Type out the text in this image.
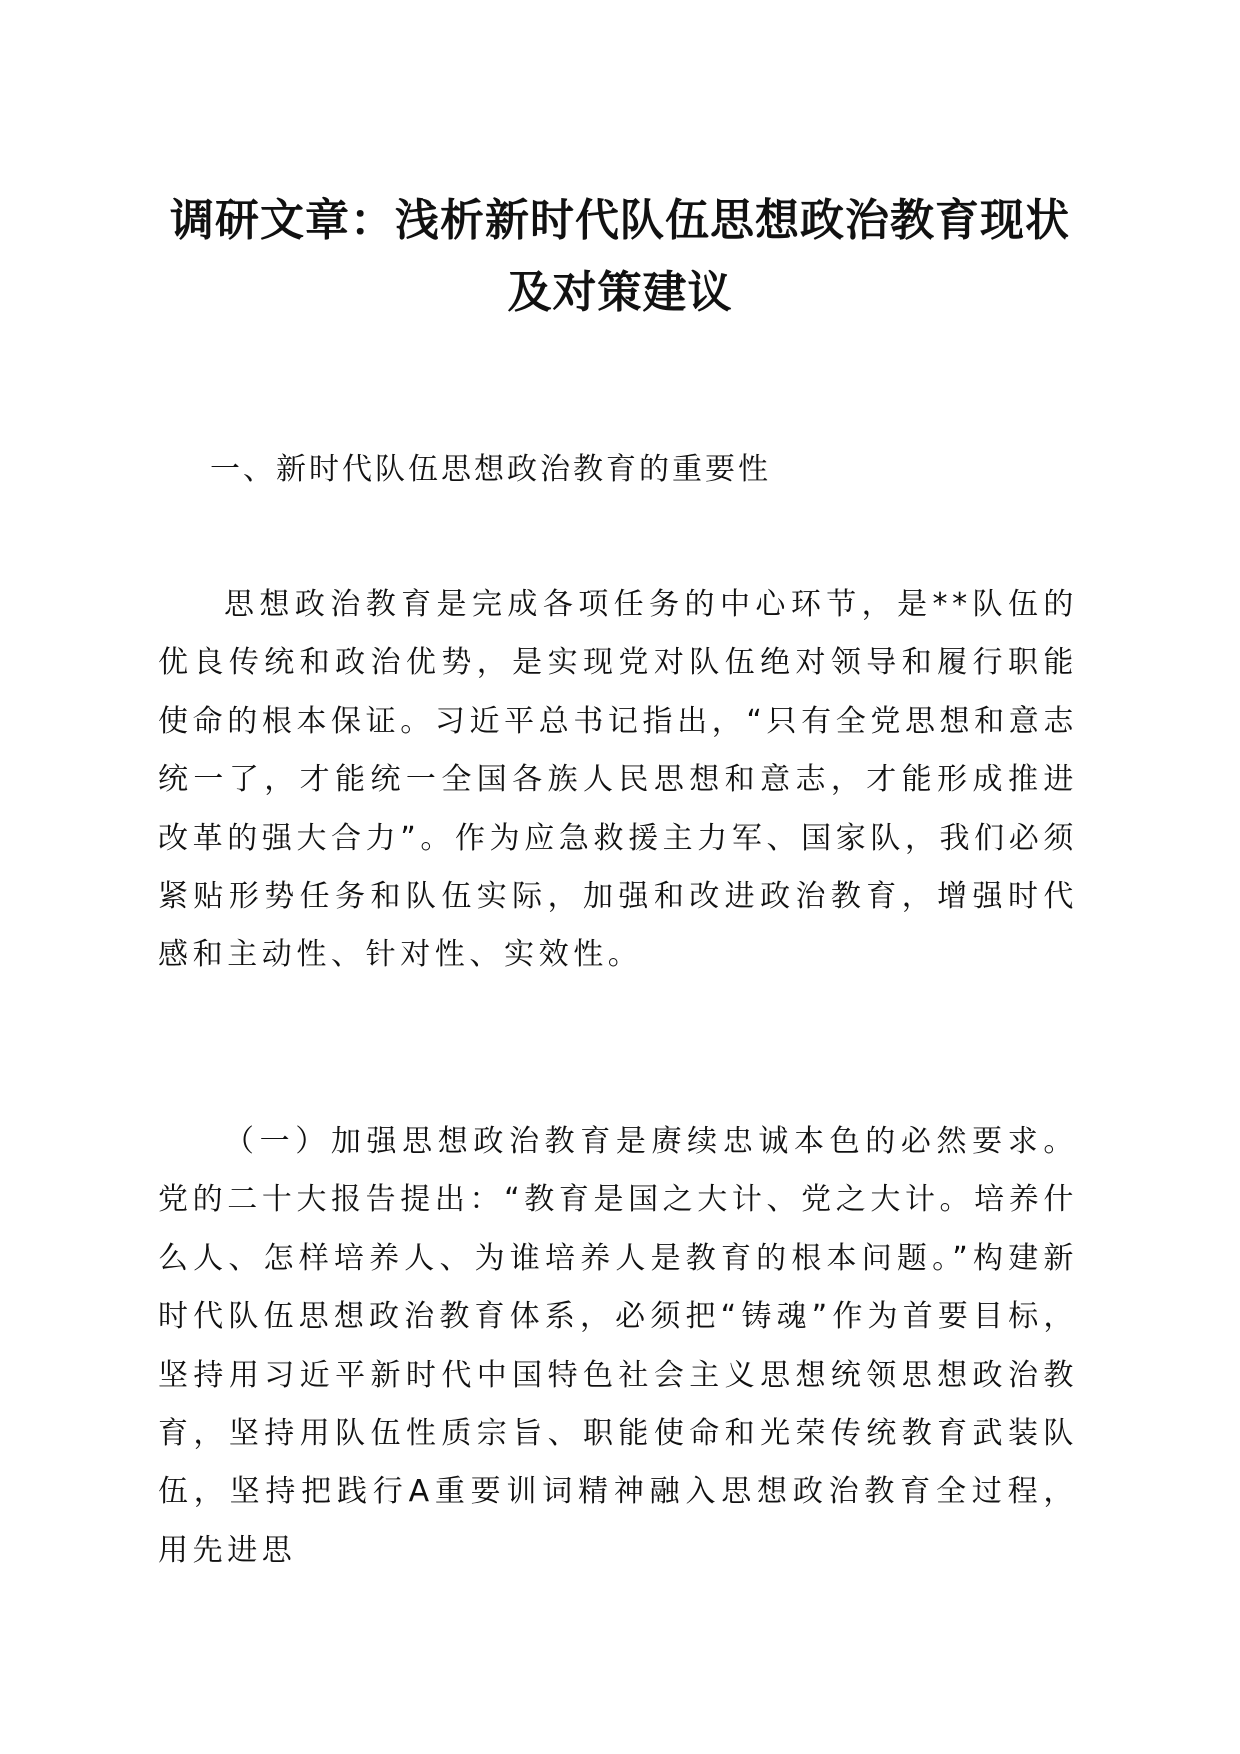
调研文章：浅析新时代队伍思想政治教育现状
及对策建议

一、新时代队伍思想政治教育的重要性

思想政治教育是完成各项任务的中心环节，是**队伍的优良传统和政治优势，是实现党对队伍绝对领导和履行职能使命的根本保证。习近平总书记指出，“只有全党思想和意志统一了，才能统一全国各族人民思想和意志，才能形成推进改革的强大合力”。作为应急救援主力军、国家队，我们必须紧贴形势任务和队伍实际，加强和改进政治教育，增强时代感和主动性、针对性、实效性。

（一）加强思想政治教育是赓续忠诚本色的必然要求。党的二十大报告提出：“教育是国之大计、党之大计。培养什么人、怎样培养人、为谁培养人是教育的根本问题。”构建新时代队伍思想政治教育体系，必须把“铸魂”作为首要目标，坚持用习近平新时代中国特色社会主义思想统领思想政治教育，坚持用队伍性质宗旨、职能使命和光荣传统教育武装队伍，坚持把践行A重要训词精神融入思想政治教育全过程，用先进思
